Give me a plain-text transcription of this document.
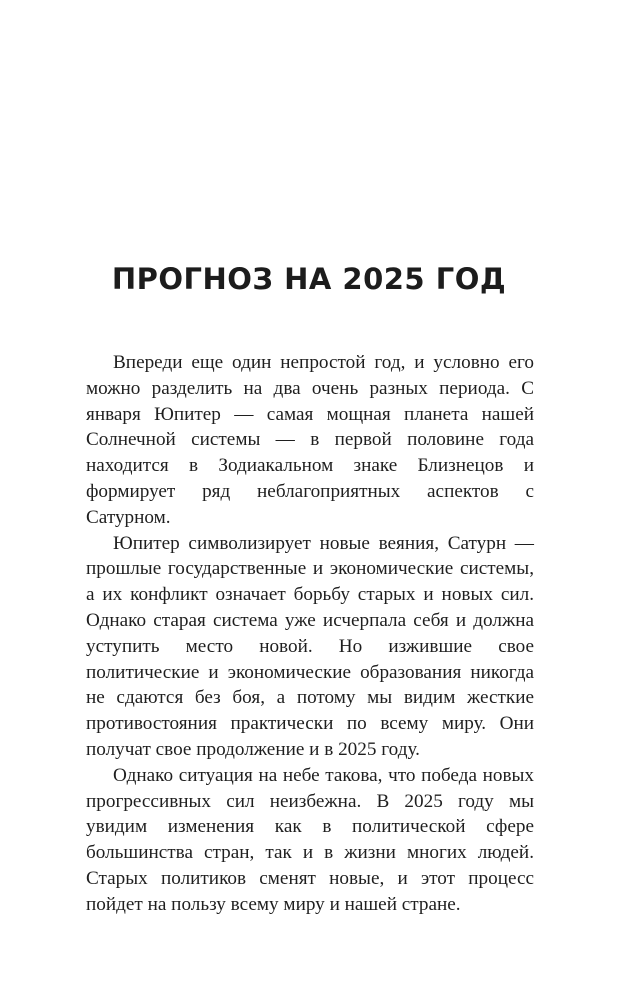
ПРОГНОЗ НА 2025 ГОД

Впереди еще один непростой год, и условно его можно разделить на два очень разных периода. С января Юпитер — самая мощная планета нашей Солнечной системы — в первой половине года находится в Зодиакальном знаке Близнецов и формирует ряд неблагоприятных аспектов с Сатурном.

Юпитер символизирует новые веяния, Сатурн — прошлые государственные и экономические системы, а их конфликт означает борьбу старых и новых сил. Однако старая система уже исчерпала себя и должна уступить место новой. Но изжившие свое политические и экономические образования никогда не сдаются без боя, а потому мы видим жесткие противостояния практически по всему миру. Они получат свое продолжение и в 2025 году.

Однако ситуация на небе такова, что победа новых прогрессивных сил неизбежна. В 2025 году мы увидим изменения как в политической сфере большинства стран, так и в жизни многих людей. Старых политиков сменят новые, и этот процесс пойдет на пользу всему миру и нашей стране.
